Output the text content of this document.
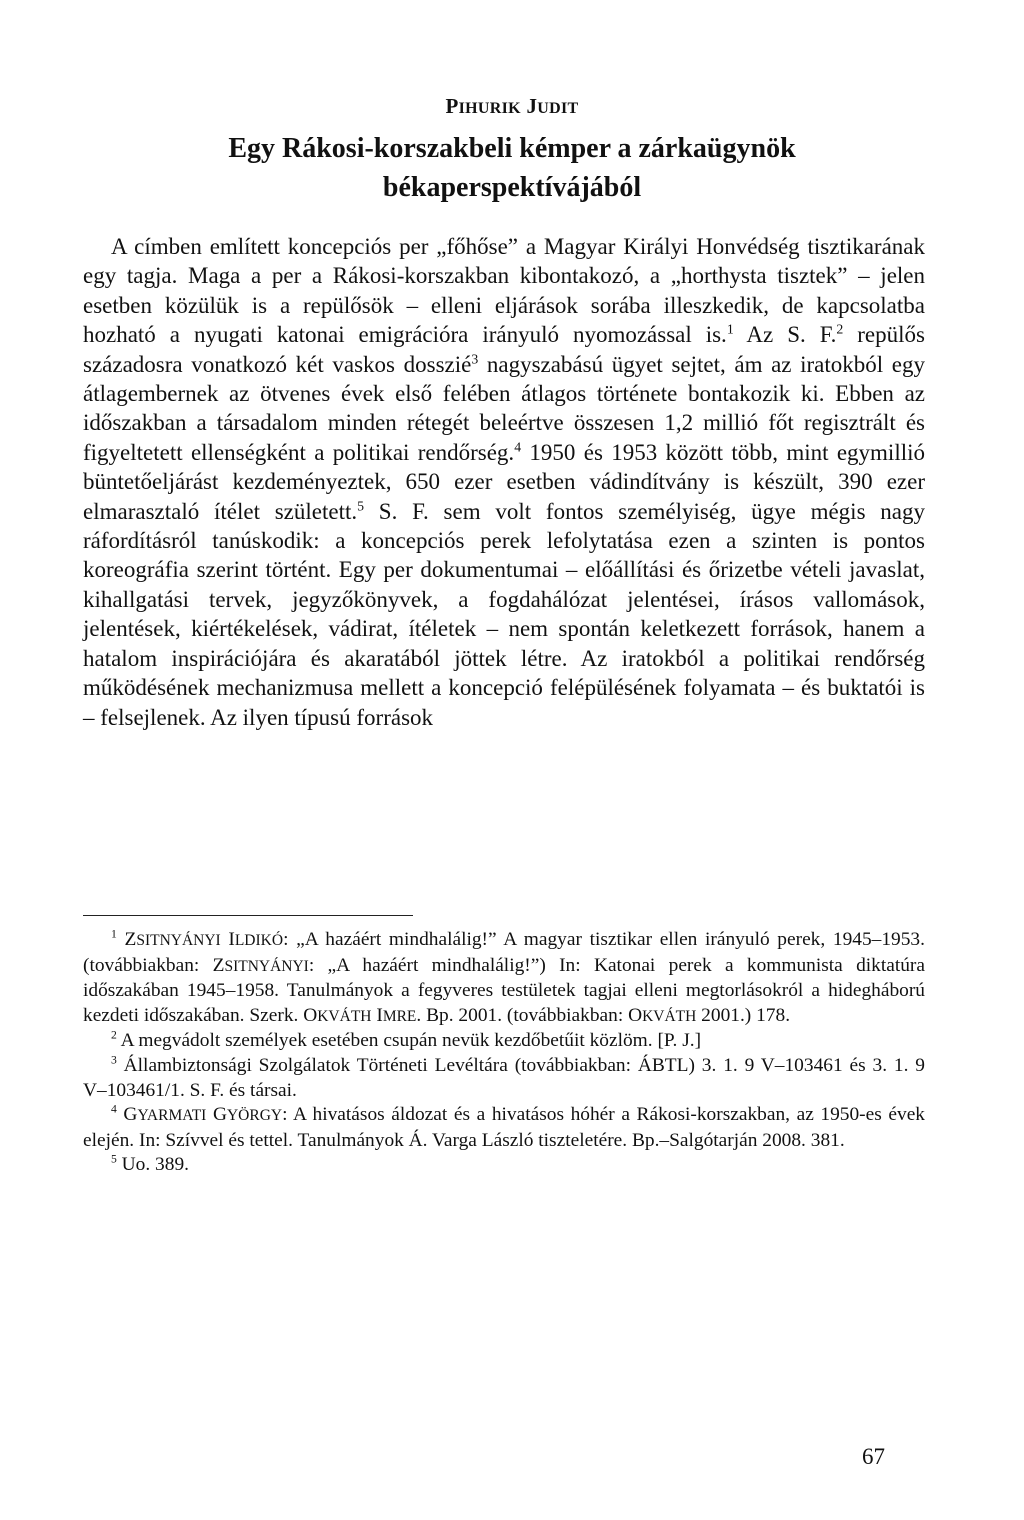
PIHURIK JUDIT
Egy Rákosi-korszakbeli kémper a zárkaügynök
békaperspektívájából

A címben említett koncepciós per „főhőse” a Magyar Királyi Honvédség tisztikarának egy tagja. Maga a per a Rákosi-korszakban kibontakozó, a „horthysta tisztek” – jelen esetben közülük is a repülősök – elleni eljárások sorába illeszkedik, de kapcsolatba hozható a nyugati katonai emigrációra irányuló nyomozással is.$^1$ Az S. F.$^2$ repülős századosra vonatkozó két vaskos dosszié$^3$ nagyszabású ügyet sejtet, ám az iratokból egy átlagembernek az ötvenes évek első felében átlagos története bontakozik ki. Ebben az időszakban a társadalom minden rétegét beleértve összesen 1,2 millió főt regisztrált és figyeltetett ellenségként a politikai rendőrség.$^4$ 1950 és 1953 között több, mint egymillió büntetőeljárást kezdeményeztek, 650 ezer esetben vádindítvány is készült, 390 ezer elmarasztaló ítélet született.$^5$ S. F. sem volt fontos személyiség, ügye mégis nagy ráfordításról tanúskodik: a koncepciós perek lefolytatása ezen a szinten is pontos koreográfia szerint történt. Egy per dokumentumai – előállítási és őrizetbe vételi javaslat, kihallgatási tervek, jegyzőkönyvek, a fogdahálózat jelentései, írásos vallomások, jelentések, kiértékelések, vádirat, ítéletek – nem spontán keletkezett források, hanem a hatalom inspirációjára és akaratából jöttek létre. Az iratokból a politikai rendőrség működésének mechanizmusa mellett a koncepció felépülésének folyamata – és buktatói is – felsejlenek. Az ilyen típusú források

$^1$ ZSITNYÁNYI ILDIKÓ: „A hazáért mindhalálig!” A magyar tisztikar ellen irányuló perek, 1945–1953. (továbbiakban: ZSITNYÁNYI: „A hazáért mindhalálig!”) In: Katonai perek a kommunista diktatúra időszakában 1945–1958. Tanulmányok a fegyveres testületek tagjai elleni megtorlásokról a hidegháború kezdeti időszakában. Szerk. OKVÁTH IMRE. Bp. 2001. (továbbiakban: OKVÁTH 2001.) 178.

$^2$ A megvádolt személyek esetében csupán nevük kezdőbetűit közlöm. [P. J.]

$^3$ Állambiztonsági Szolgálatok Történeti Levéltára (továbbiakban: ÁBTL) 3. 1. 9 V–103461 és 3. 1. 9 V–103461/1. S. F. és társai.

$^4$ GYARMATI GYÖRGY: A hivatásos áldozat és a hivatásos hóhér a Rákosi-korszakban, az 1950-es évek elején. In: Szívvel és tettel. Tanulmányok Á. Varga László tiszteletére. Bp.–Salgótarján 2008. 381.

$^5$ Uo. 389.

67
